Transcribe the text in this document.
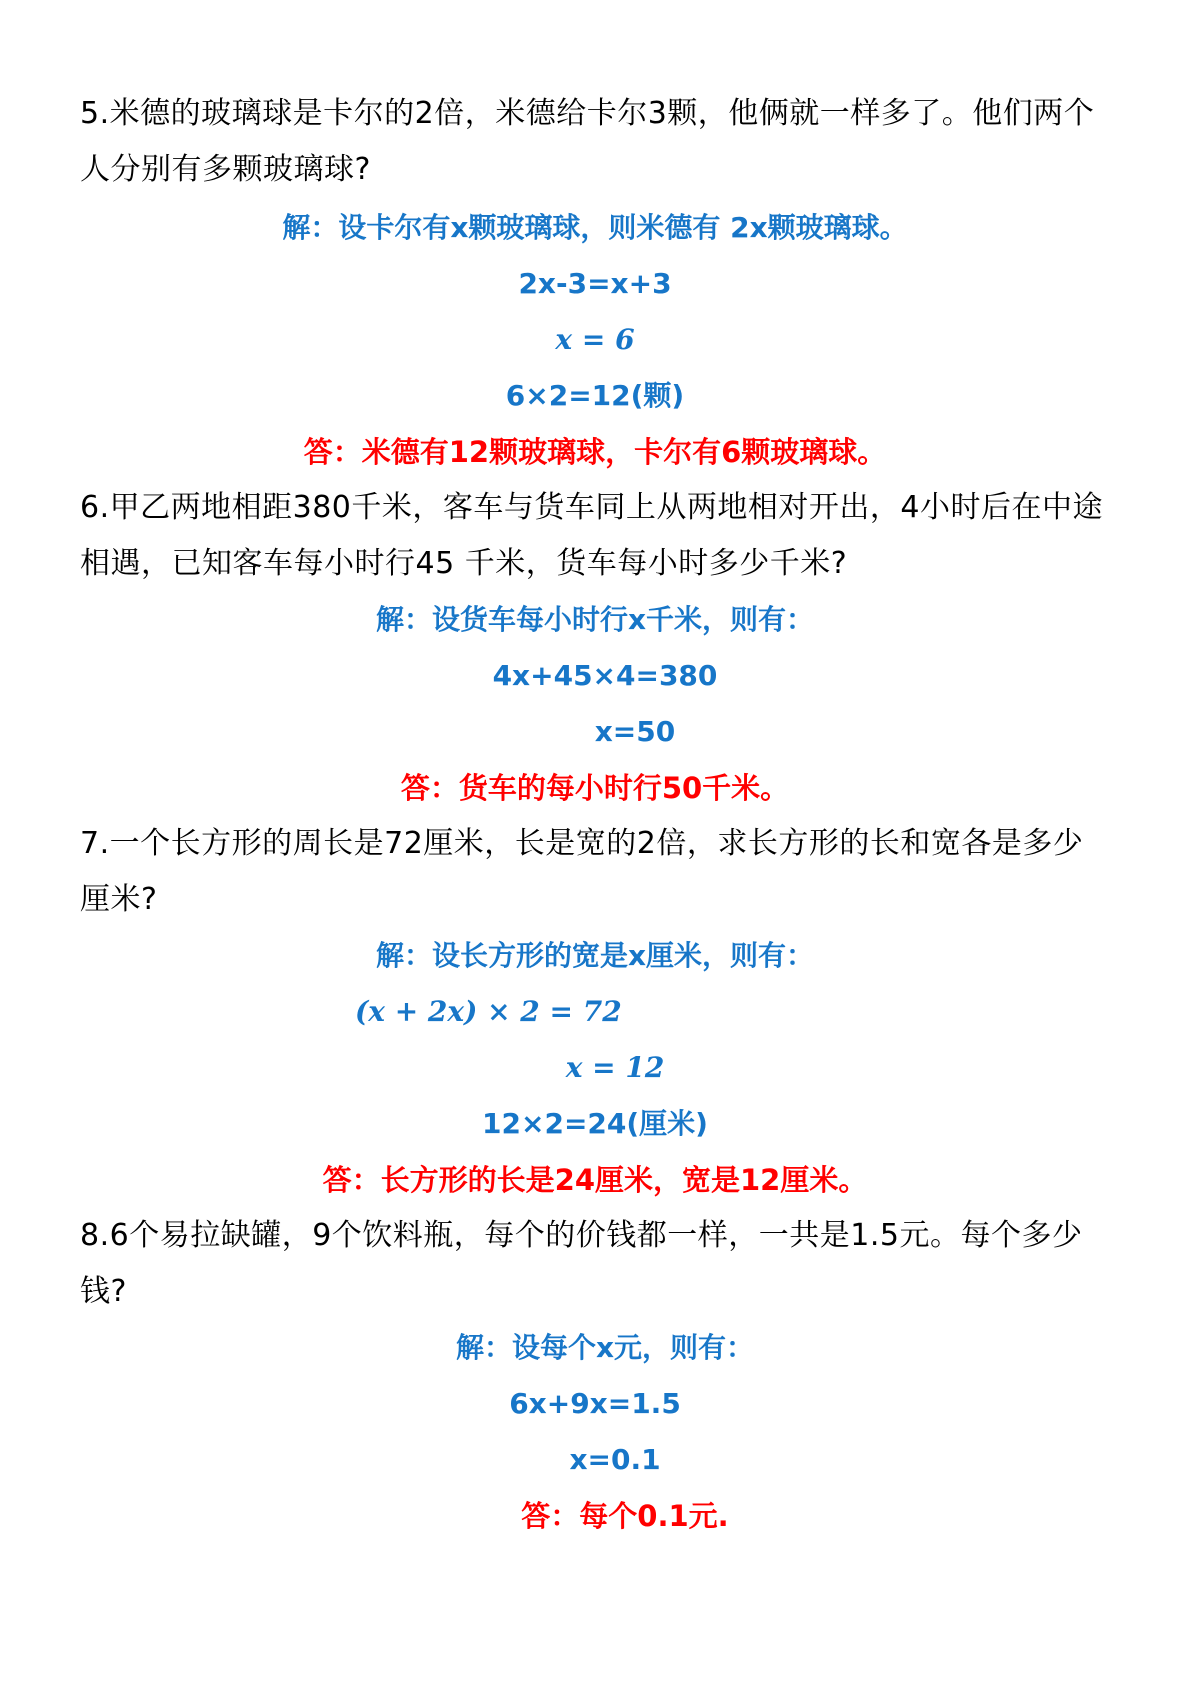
5.米德的玻璃球是卡尔的2倍，米德给卡尔3颗，他俩就一样多了。他们两个人分别有多颗玻璃球?

解：设卡尔有x颗玻璃球，则米德有 2x颗玻璃球。
2x-3=x+3
x = 6
6×2=12(颗)
答：米德有12颗玻璃球，卡尔有6颗玻璃球。

6.甲乙两地相距380千米，客车与货车同上从两地相对开出，4小时后在中途相遇，已知客车每小时行45 千米，货车每小时多少千米?

解：设货车每小时行x千米，则有：
4x+45×4=380
x=50
答：货车的每小时行50千米。

7.一个长方形的周长是72厘米，长是宽的2倍，求长方形的长和宽各是多少厘米?

解：设长方形的宽是x厘米，则有：
(x + 2x) × 2 = 72
x = 12
12×2=24(厘米)
答：长方形的长是24厘米，宽是12厘米。

8.6个易拉缺罐，9个饮料瓶，每个的价钱都一样，一共是1.5元。每个多少钱?

解：设每个x元，则有：
6x+9x=1.5
x=0.1
答：每个0.1元.
